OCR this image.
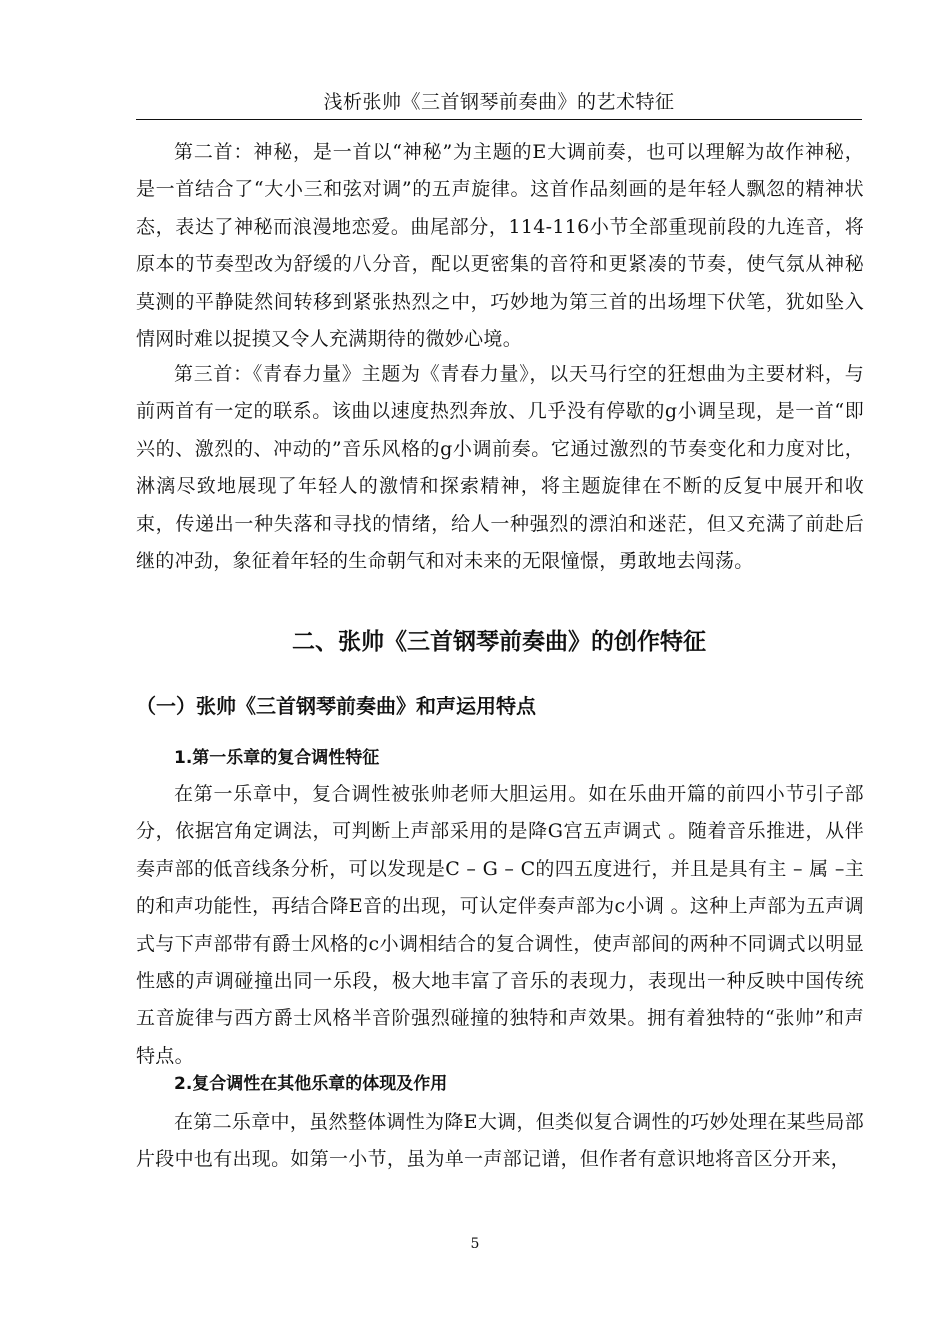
浅析张帅《三首钢琴前奏曲》的艺术特征

第二首：神秘，是一首以“神秘”为主题的E大调前奏，也可以理解为故作神秘，是一首结合了“大小三和弦对调”的五声旋律。这首作品刻画的是年轻人飘忽的精神状态，表达了神秘而浪漫地恋爱。曲尾部分，114-116小节全部重现前段的九连音，将原本的节奏型改为舒缓的八分音，配以更密集的音符和更紧凑的节奏，使气氛从神秘莫测的平静陡然间转移到紧张热烈之中，巧妙地为第三首的出场埋下伏笔，犹如坠入情网时难以捉摸又令人充满期待的微妙心境。

第三首：《青春力量》主题为《青春力量》，以天马行空的狂想曲为主要材料，与前两首有一定的联系。该曲以速度热烈奔放、几乎没有停歇的g小调呈现，是一首“即兴的、激烈的、冲动的”音乐风格的g小调前奏。它通过激烈的节奏变化和力度对比，淋漓尽致地展现了年轻人的激情和探索精神，将主题旋律在不断的反复中展开和收束，传递出一种失落和寻找的情绪，给人一种强烈的漂泊和迷茫，但又充满了前赴后继的冲劲，象征着年轻的生命朝气和对未来的无限憧憬，勇敢地去闯荡。

二、张帅《三首钢琴前奏曲》的创作特征
（一）张帅《三首钢琴前奏曲》和声运用特点
1.第一乐章的复合调性特征

在第一乐章中，复合调性被张帅老师大胆运用。如在乐曲开篇的前四小节引子部分，依据宫角定调法，可判断上声部采用的是降G宫五声调式 。随着音乐推进，从伴奏声部的低音线条分析，可以发现是C – G – C的四五度进行，并且是具有主 – 属 –主的和声功能性，再结合降E音的出现，可认定伴奏声部为c小调 。这种上声部为五声调式与下声部带有爵士风格的c小调相结合的复合调性，使声部间的两种不同调式以明显性感的声调碰撞出同一乐段，极大地丰富了音乐的表现力，表现出一种反映中国传统五音旋律与西方爵士风格半音阶强烈碰撞的独特和声效果。拥有着独特的“张帅”和声特点。

2.复合调性在其他乐章的体现及作用

在第二乐章中，虽然整体调性为降E大调，但类似复合调性的巧妙处理在某些局部片段中也有出现。如第一小节，虽为单一声部记谱，但作者有意识地将音区分开来，

5
